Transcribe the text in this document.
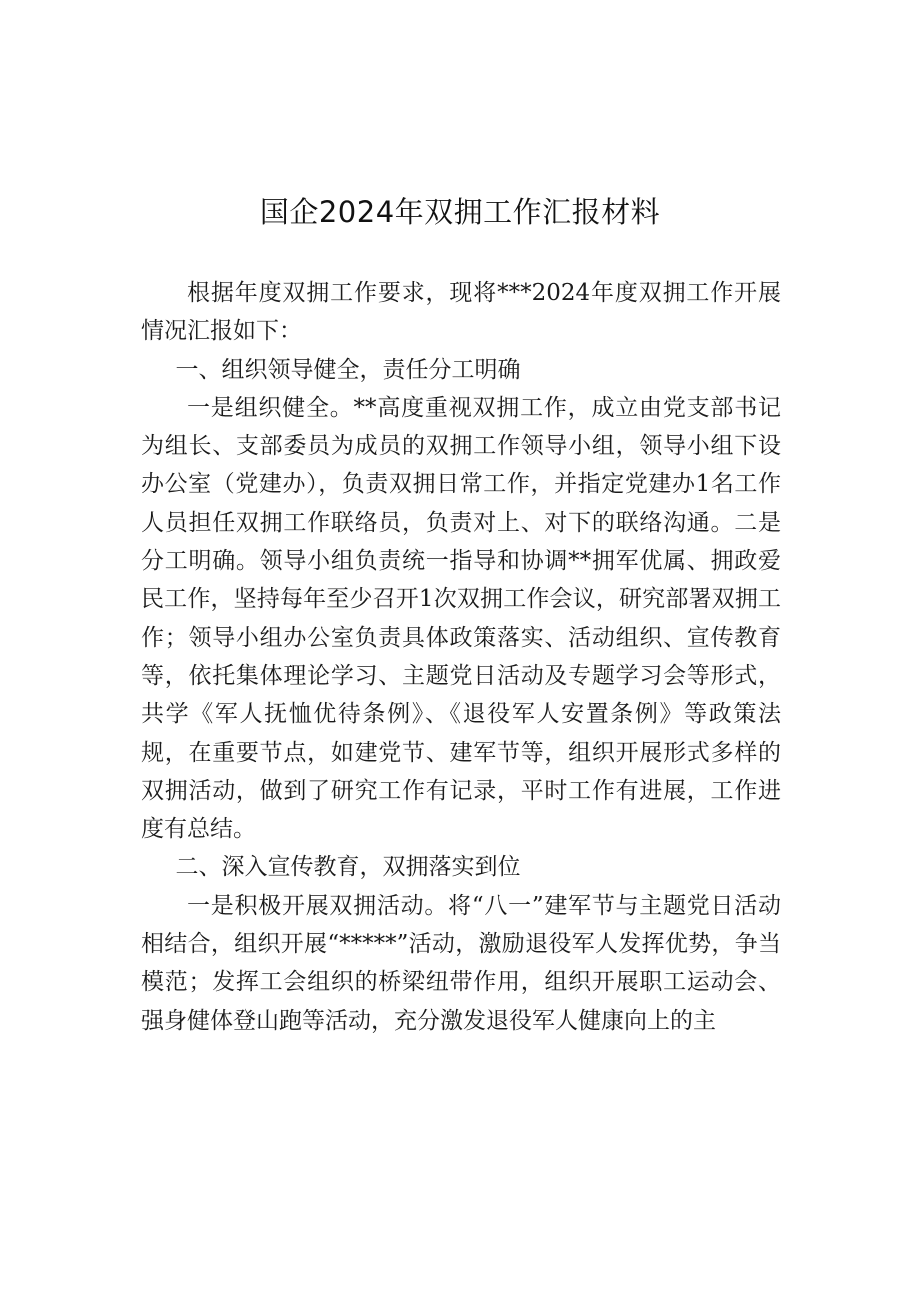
国企2024年双拥工作汇报材料

根据年度双拥工作要求，现将***2024年度双拥工作开展情况汇报如下：

一、组织领导健全，责任分工明确

一是组织健全。**高度重视双拥工作，成立由党支部书记为组长、支部委员为成员的双拥工作领导小组，领导小组下设办公室（党建办），负责双拥日常工作，并指定党建办1名工作人员担任双拥工作联络员，负责对上、对下的联络沟通。二是分工明确。领导小组负责统一指导和协调**拥军优属、拥政爱民工作，坚持每年至少召开1次双拥工作会议，研究部署双拥工作；领导小组办公室负责具体政策落实、活动组织、宣传教育等，依托集体理论学习、主题党日活动及专题学习会等形式，共学《军人抚恤优待条例》、《退役军人安置条例》等政策法规，在重要节点，如建党节、建军节等，组织开展形式多样的双拥活动，做到了研究工作有记录，平时工作有进展，工作进度有总结。

二、深入宣传教育，双拥落实到位

一是积极开展双拥活动。将“八一”建军节与主题党日活动相结合，组织开展“*****”活动，激励退役军人发挥优势，争当模范；发挥工会组织的桥梁纽带作用，组织开展职工运动会、强身健体登山跑等活动，充分激发退役军人健康向上的主
